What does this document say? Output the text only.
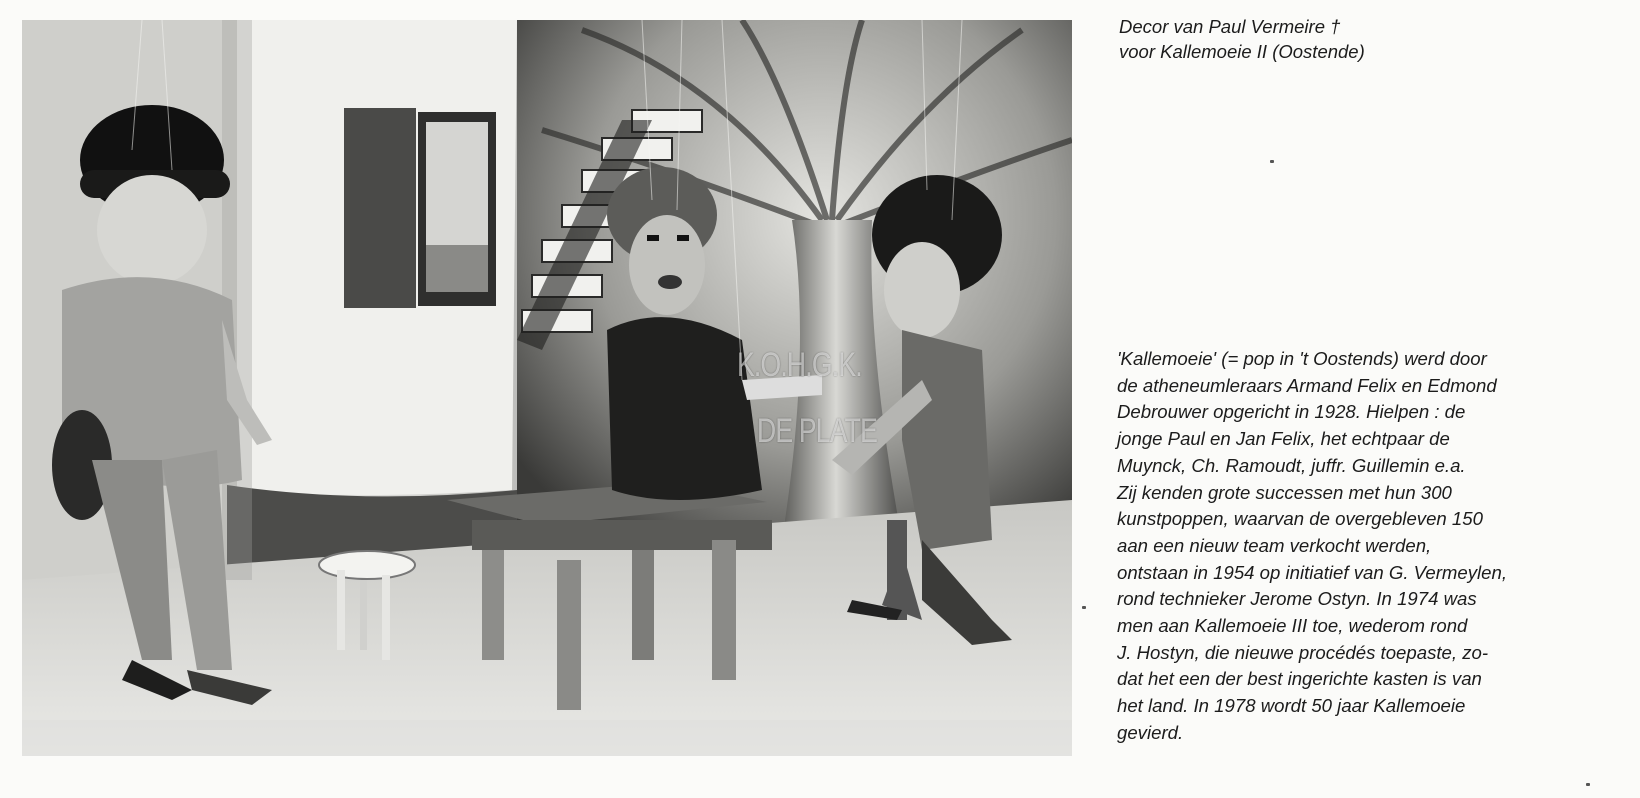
K.O.H.G.K.
DE PLATE
Decor van Paul Vermeire †
voor Kallemoeie II (Oostende)
'Kallemoeie' (= pop in 't Oostends) werd door
de atheneumleraars Armand Felix en Edmond
Debrouwer opgericht in 1928. Hielpen : de
jonge Paul en Jan Felix, het echtpaar de
Muynck, Ch. Ramoudt, juffr. Guillemin e.a.
Zij kenden grote successen met hun 300
kunstpoppen, waarvan de overgebleven 150
aan een nieuw team verkocht werden,
ontstaan in 1954 op initiatief van G. Vermeylen,
rond technieker Jerome Ostyn. In 1974 was
men aan Kallemoeie III toe, wederom rond
J. Hostyn, die nieuwe procédés toepaste, zo-
dat het een der best ingerichte kasten is van
het land. In 1978 wordt 50 jaar Kallemoeie
gevierd.
